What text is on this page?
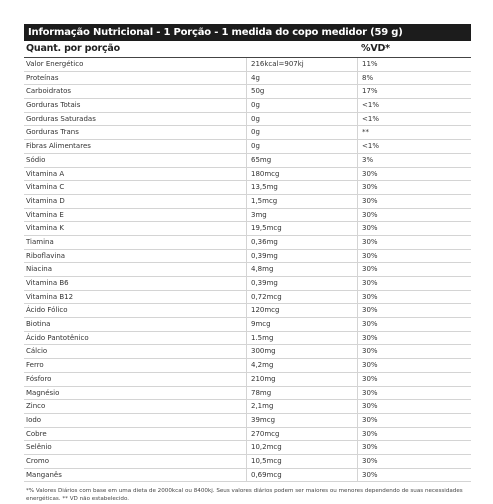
Informação Nutricional - 1 Porção - 1 medida do copo medidor (59 g)
Quant. por porção	%VD*
Valor Energético	216kcal=907kj	11%
Proteínas	4g	8%
Carboidratos	50g	17%
Gorduras Totais	0g	<1%
Gorduras Saturadas	0g	<1%
Gorduras Trans	0g	**
Fibras Alimentares	0g	<1%
Sódio	65mg	3%
Vitamina A	180mcg	30%
Vitamina C	13,5mg	30%
Vitamina D	1,5mcg	30%
Vitamina E	3mg	30%
Vitamina K	19,5mcg	30%
Tiamina	0,36mg	30%
Riboflavina	0,39mg	30%
Niacina	4,8mg	30%
Vitamina B6	0,39mg	30%
Vitamina B12	0,72mcg	30%
Ácido Fólico	120mcg	30%
Biotina	9mcg	30%
Ácido Pantotênico	1.5mg	30%
Cálcio	300mg	30%
Ferro	4,2mg	30%
Fósforo	210mg	30%
Magnésio	78mg	30%
Zinco	2,1mg	30%
Iodo	39mcg	30%
Cobre	270mcg	30%
Selênio	10,2mcg	30%
Cromo	10,5mcg	30%
Manganês	0,69mcg	30%
*% Valores Diários com base em uma dieta de 2000kcal ou 8400kj. Seus valores diários podem ser maiores ou menores dependendo de suas necessidades energéticas. ** VD não estabelecido.
